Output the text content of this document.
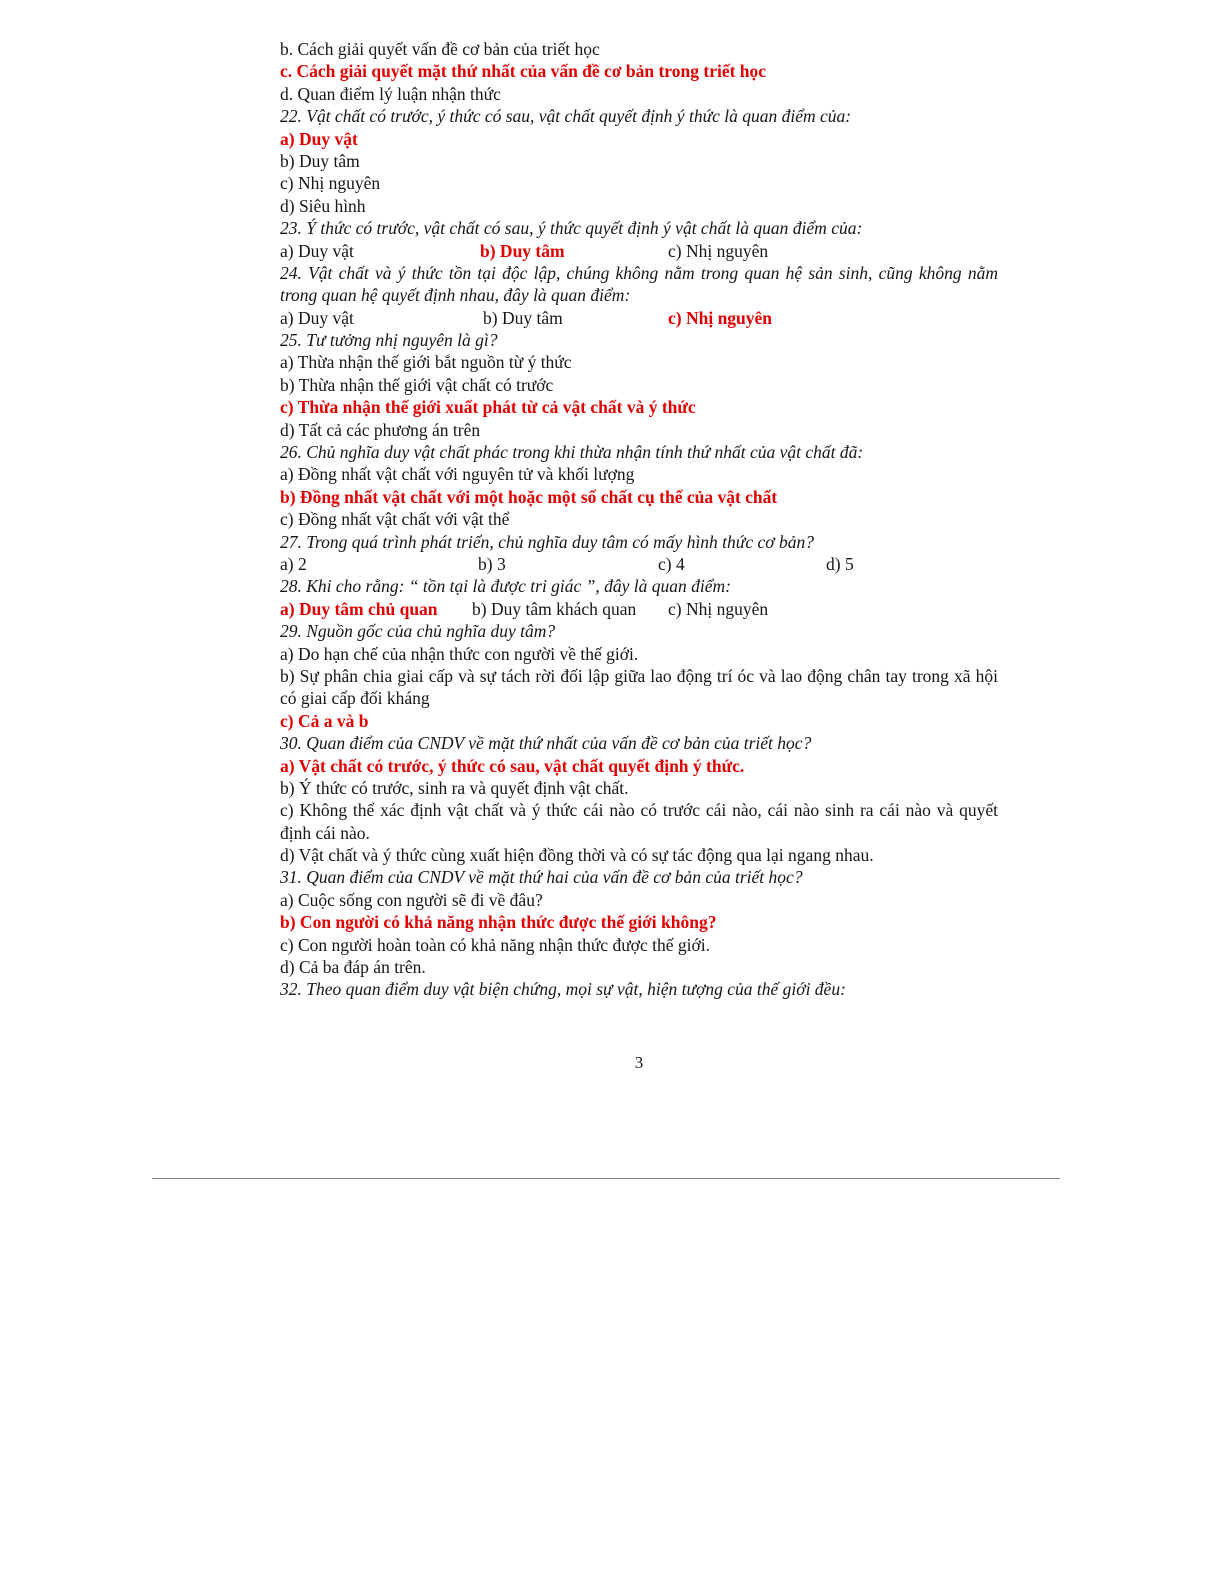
b. Cách giải quyết vấn đề cơ bản của triết học
c. Cách giải quyết mặt thứ nhất của vấn đề cơ bản trong triết học
d. Quan điểm lý luận nhận thức
22. Vật chất có trước, ý thức có sau, vật chất quyết định ý thức là quan điểm của:
a) Duy vật
b) Duy tâm
c) Nhị nguyên
d) Siêu hình
23. Ý thức có trước, vật chất có sau, ý thức quyết định ý vật chất là quan điểm của:
a) Duy vật	b) Duy tâm	c) Nhị nguyên
24. Vật chất và ý thức tồn tại độc lập, chúng không nằm trong quan hệ sản sinh, cũng không nằm
trong quan hệ quyết định nhau, đây là quan điểm:
a) Duy vật	b) Duy tâm	c) Nhị nguyên
25. Tư tưởng nhị nguyên là gì?
a) Thừa nhận thế giới bắt nguồn từ ý thức
b) Thừa nhận thế giới vật chất có trước
c) Thừa nhận thế giới xuất phát từ cả vật chất và ý thức
d) Tất cả các phương án trên
26. Chủ nghĩa duy vật chất phác trong khi thừa nhận tính thứ nhất của vật chất đã:
a) Đồng nhất vật chất với nguyên tử và khối lượng
b) Đồng nhất vật chất với một hoặc một số chất cụ thể của vật chất
c) Đồng nhất vật chất với vật thể
27. Trong quá trình phát triển, chủ nghĩa duy tâm có mấy hình thức cơ bản?
a) 2	b) 3	c) 4	d) 5
28. Khi cho rằng: “ tồn tại là được tri giác ”, đây là quan điểm:
a) Duy tâm chủ quan b) Duy tâm khách quan c) Nhị nguyên
29. Nguồn gốc của chủ nghĩa duy tâm?
a) Do hạn chế của nhận thức con người về thế giới.
b) Sự phân chia giai cấp và sự tách rời đối lập giữa lao động trí óc và lao động chân tay trong xã hội
có giai cấp đối kháng
c) Cả a và b
30. Quan điểm của CNDV về mặt thứ nhất của vấn đề cơ bản của triết học?
a) Vật chất có trước, ý thức có sau, vật chất quyết định ý thức.
b) Ý thức có trước, sinh ra và quyết định vật chất.
c) Không thể xác định vật chất và ý thức cái nào có trước cái nào, cái nào sinh ra cái nào và quyết
định cái nào.
d) Vật chất và ý thức cùng xuất hiện đồng thời và có sự tác động qua lại ngang nhau.
31. Quan điểm của CNDV về mặt thứ hai của vấn đề cơ bản của triết học?
a) Cuộc sống con người sẽ đi về đâu?
b) Con người có khả năng nhận thức được thế giới không?
c) Con người hoàn toàn có khả năng nhận thức được thế giới.
d) Cả ba đáp án trên.
32. Theo quan điểm duy vật biện chứng, mọi sự vật, hiện tượng của thế giới đều:
3
